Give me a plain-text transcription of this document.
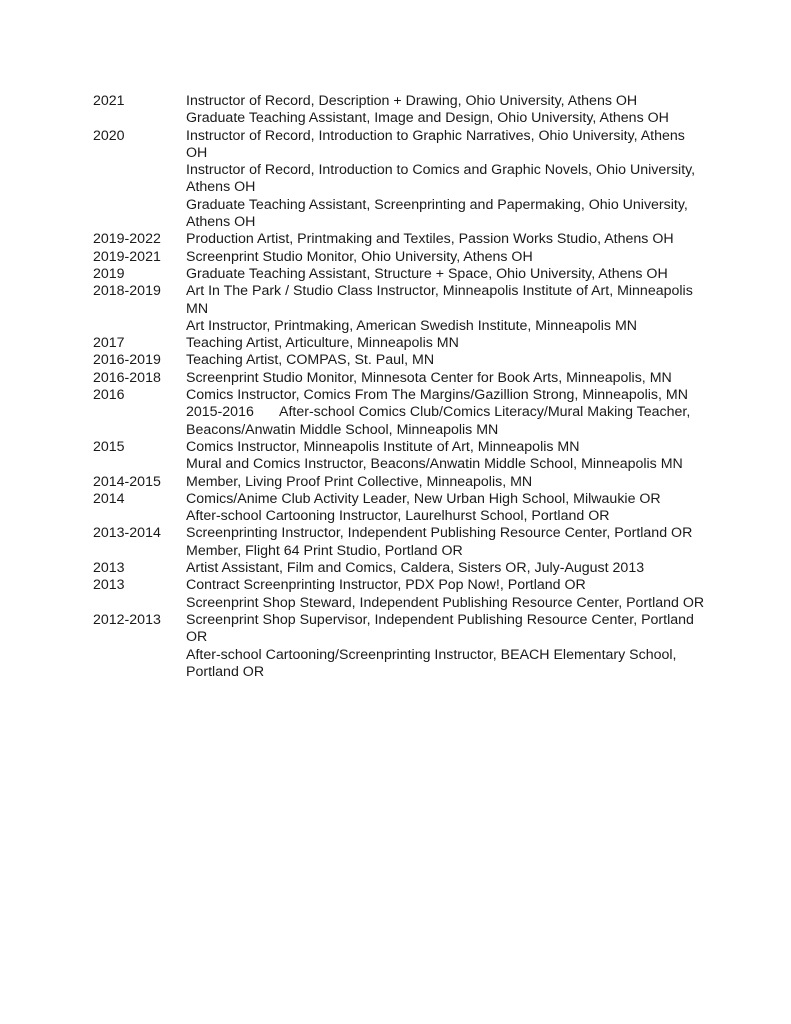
2021	Instructor of Record, Description + Drawing, Ohio University, Athens OH
Graduate Teaching Assistant, Image and Design, Ohio University, Athens OH
2020	Instructor of Record, Introduction to Graphic Narratives, Ohio University, Athens OH
Instructor of Record, Introduction to Comics and Graphic Novels, Ohio University, Athens OH
Graduate Teaching Assistant, Screenprinting and Papermaking, Ohio University, Athens OH
2019-2022	Production Artist, Printmaking and Textiles, Passion Works Studio, Athens OH
2019-2021	Screenprint Studio Monitor, Ohio University, Athens OH
2019	Graduate Teaching Assistant, Structure + Space, Ohio University, Athens OH
2018-2019	Art In The Park / Studio Class Instructor, Minneapolis Institute of Art, Minneapolis MN
Art Instructor, Printmaking, American Swedish Institute, Minneapolis MN
2017	Teaching Artist, Articulture, Minneapolis MN
2016-2019	Teaching Artist, COMPAS, St. Paul, MN
2016-2018	Screenprint Studio Monitor, Minnesota Center for Book Arts, Minneapolis, MN
2016	Comics Instructor, Comics From The Margins/Gazillion Strong, Minneapolis, MN
2015-2016 After-school Comics Club/Comics Literacy/Mural Making Teacher, Beacons/Anwatin Middle School, Minneapolis MN
2015	Comics Instructor, Minneapolis Institute of Art, Minneapolis MN
Mural and Comics Instructor, Beacons/Anwatin Middle School, Minneapolis MN
2014-2015	Member, Living Proof Print Collective, Minneapolis, MN
2014	Comics/Anime Club Activity Leader, New Urban High School, Milwaukie OR
After-school Cartooning Instructor, Laurelhurst School, Portland OR
2013-2014	Screenprinting Instructor, Independent Publishing Resource Center, Portland OR
Member, Flight 64 Print Studio, Portland OR
2013	Artist Assistant, Film and Comics, Caldera, Sisters OR, July-August 2013
2013	Contract Screenprinting Instructor, PDX Pop Now!, Portland OR
Screenprint Shop Steward, Independent Publishing Resource Center, Portland OR
2012-2013	Screenprint Shop Supervisor, Independent Publishing Resource Center, Portland OR
After-school Cartooning/Screenprinting Instructor, BEACH Elementary School, Portland OR
